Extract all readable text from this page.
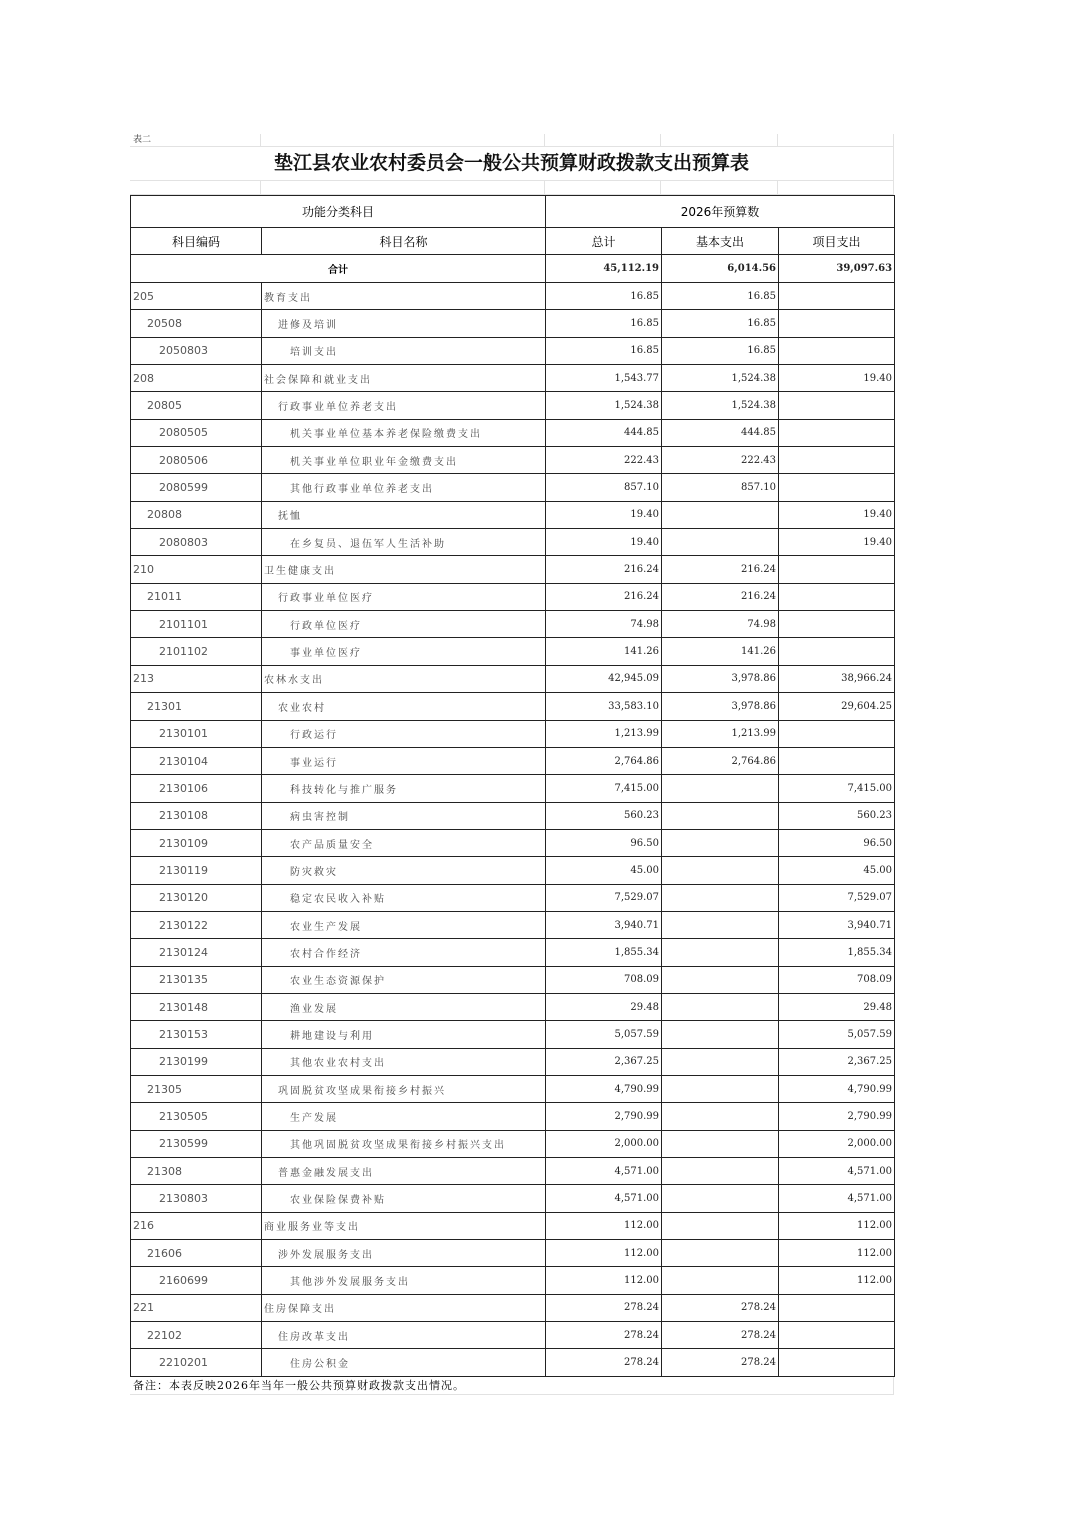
表二
垫江县农业农村委员会一般公共预算财政拨款支出预算表
功能分类科目		2026年预算数		
科目编码	科目名称	总计	基本支出	项目支出
合计		45,112.19	6,014.56	39,097.63
205	教育支出	16.85	16.85	
20508	进修及培训	16.85	16.85	
2050803	培训支出	16.85	16.85	
208	社会保障和就业支出	1,543.77	1,524.38	19.40
20805	行政事业单位养老支出	1,524.38	1,524.38	
2080505	机关事业单位基本养老保险缴费支出	444.85	444.85	
2080506	机关事业单位职业年金缴费支出	222.43	222.43	
2080599	其他行政事业单位养老支出	857.10	857.10	
20808	抚恤	19.40		19.40
2080803	在乡复员、退伍军人生活补助	19.40		19.40
210	卫生健康支出	216.24	216.24	
21011	行政事业单位医疗	216.24	216.24	
2101101	行政单位医疗	74.98	74.98	
2101102	事业单位医疗	141.26	141.26	
213	农林水支出	42,945.09	3,978.86	38,966.24
21301	农业农村	33,583.10	3,978.86	29,604.25
2130101	行政运行	1,213.99	1,213.99	
2130104	事业运行	2,764.86	2,764.86	
2130106	科技转化与推广服务	7,415.00		7,415.00
2130108	病虫害控制	560.23		560.23
2130109	农产品质量安全	96.50		96.50
2130119	防灾救灾	45.00		45.00
2130120	稳定农民收入补贴	7,529.07		7,529.07
2130122	农业生产发展	3,940.71		3,940.71
2130124	农村合作经济	1,855.34		1,855.34
2130135	农业生态资源保护	708.09		708.09
2130148	渔业发展	29.48		29.48
2130153	耕地建设与利用	5,057.59		5,057.59
2130199	其他农业农村支出	2,367.25		2,367.25
21305	巩固脱贫攻坚成果衔接乡村振兴	4,790.99		4,790.99
2130505	生产发展	2,790.99		2,790.99
2130599	其他巩固脱贫攻坚成果衔接乡村振兴支出	2,000.00		2,000.00
21308	普惠金融发展支出	4,571.00		4,571.00
2130803	农业保险保费补贴	4,571.00		4,571.00
216	商业服务业等支出	112.00		112.00
21606	涉外发展服务支出	112.00		112.00
2160699	其他涉外发展服务支出	112.00		112.00
221	住房保障支出	278.24	278.24	
22102	住房改革支出	278.24	278.24	
2210201	住房公积金	278.24	278.24	
备注：本表反映2026年当年一般公共预算财政拨款支出情况。
